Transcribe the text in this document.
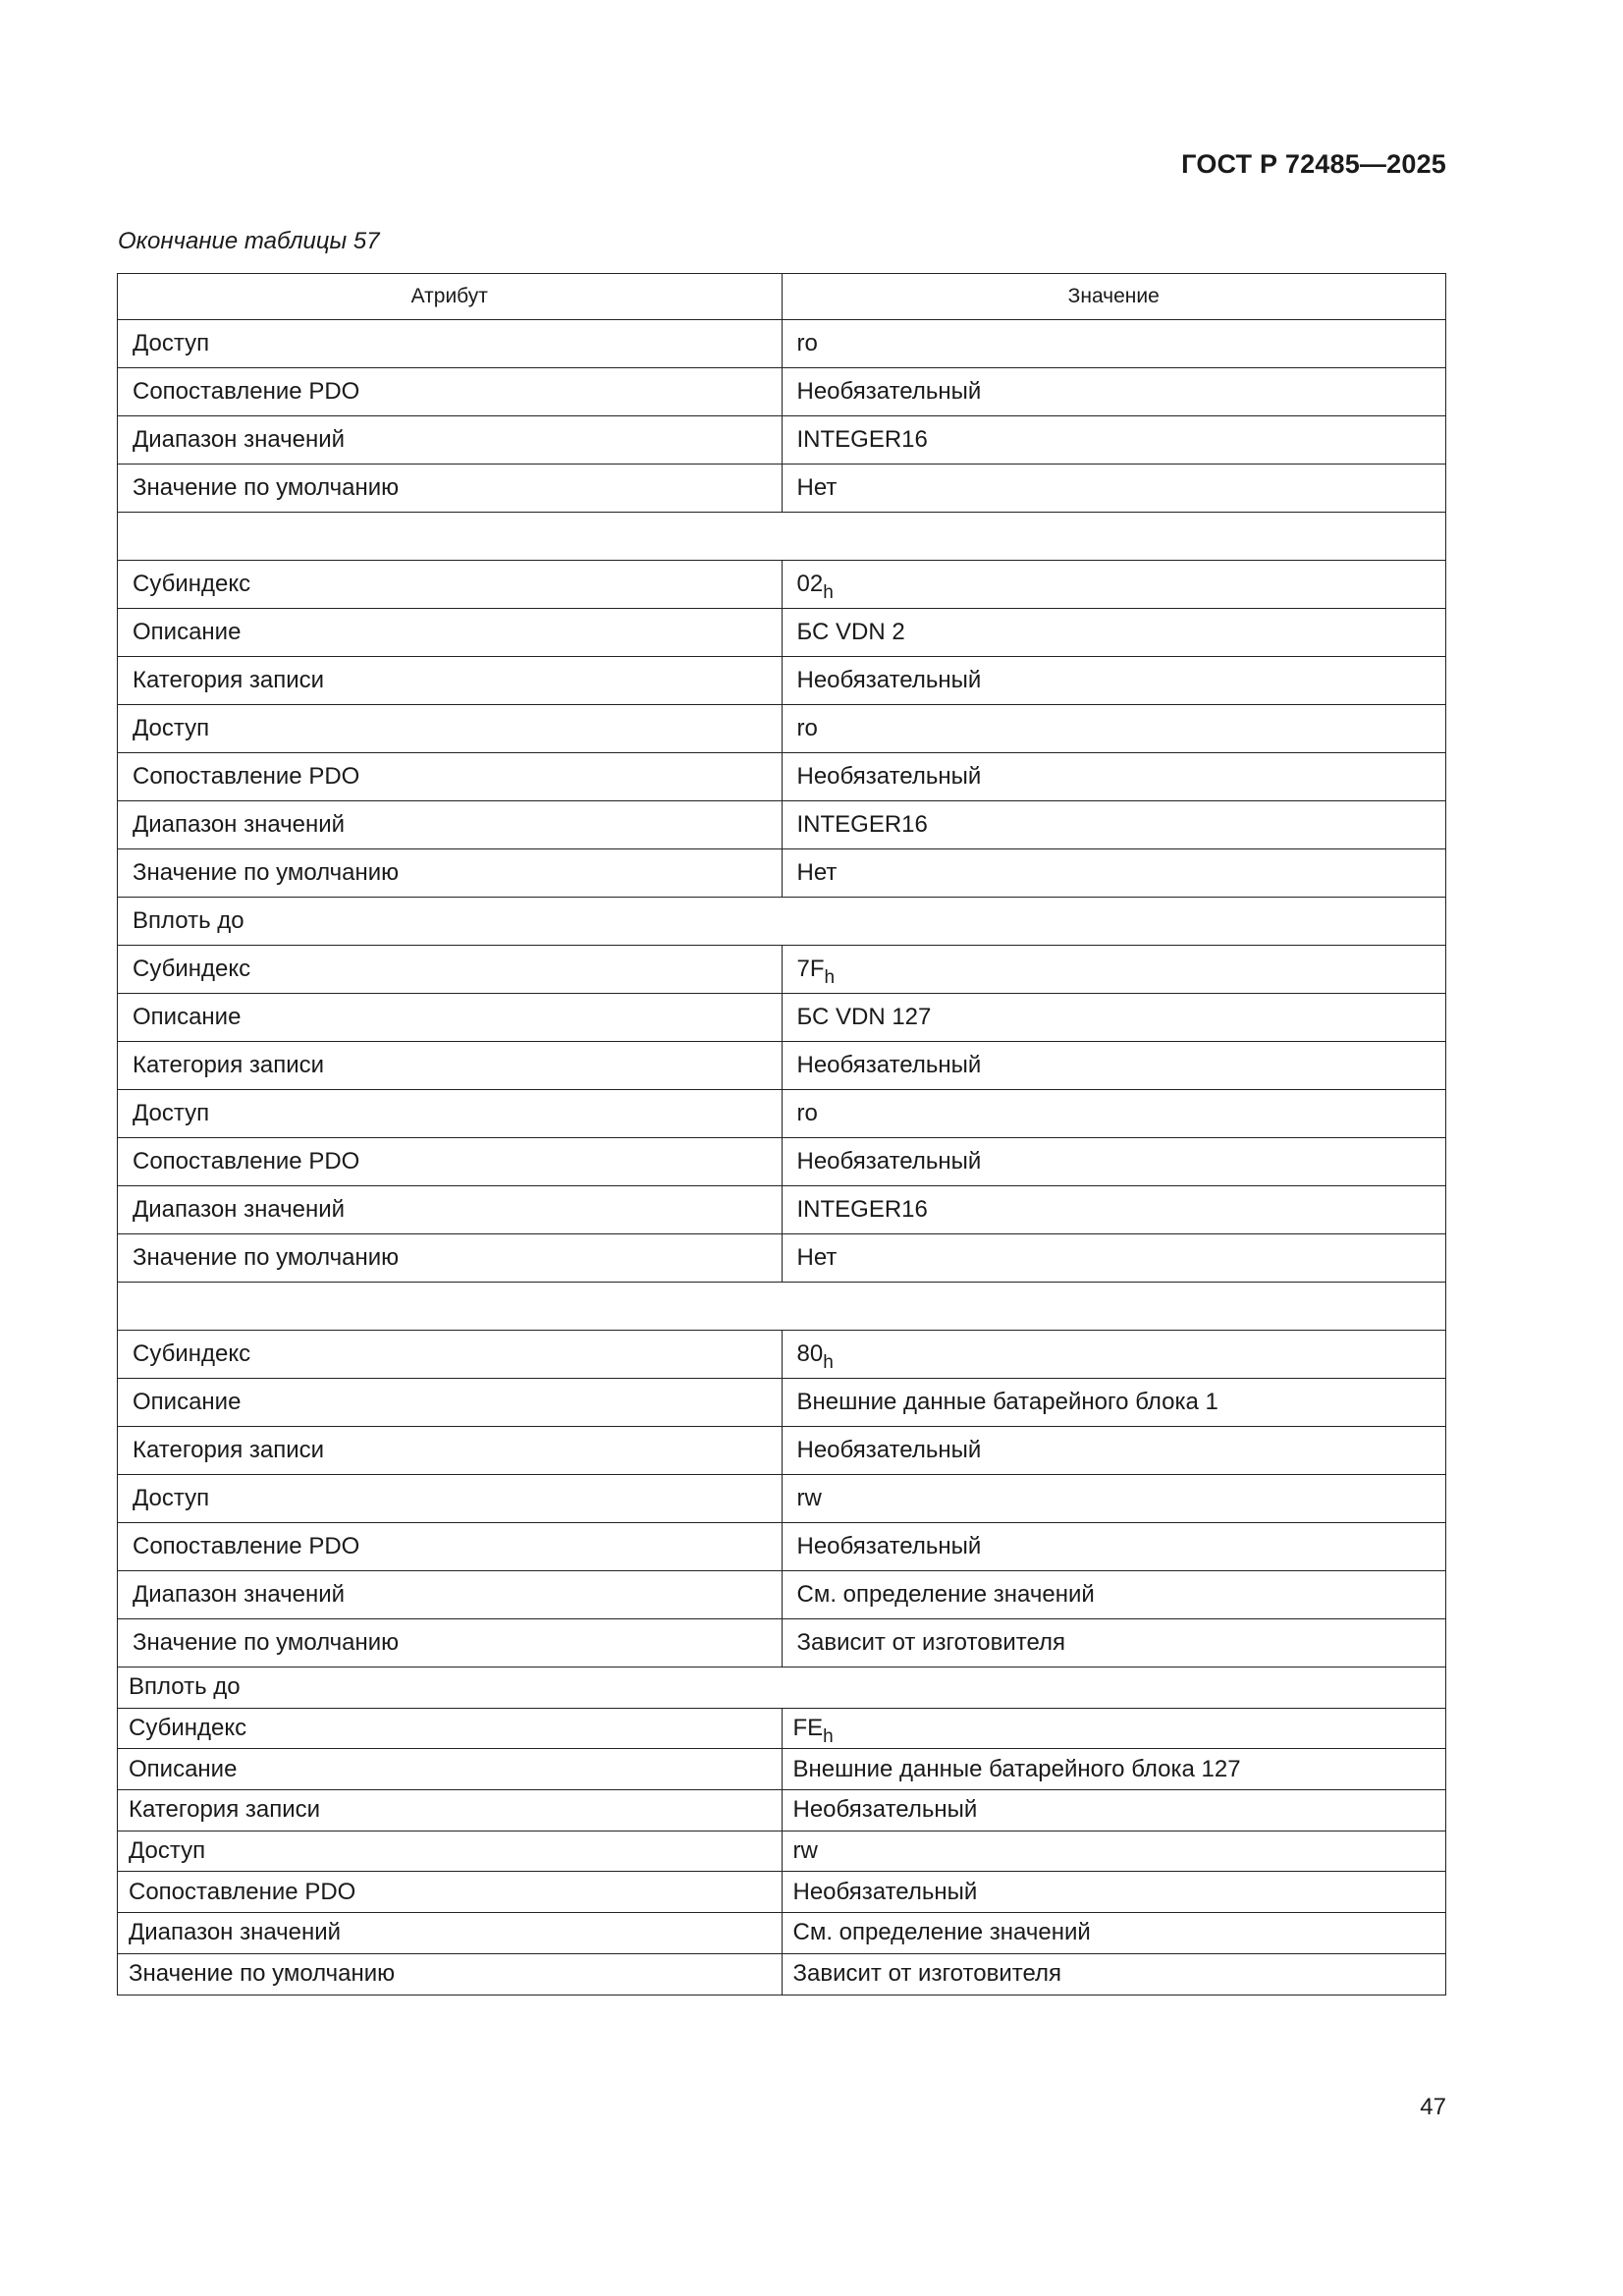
ГОСТ Р 72485—2025
Окончание таблицы 57
Атрибут	Значение
Доступ	ro
Сопоставление PDO	Необязательный
Диапазон значений	INTEGER16
Значение по умолчанию	Нет

Субиндекс	$02_h$
Описание	БС VDN 2
Категория записи	Необязательный
Доступ	ro
Сопоставление PDO	Необязательный
Диапазон значений	INTEGER16
Значение по умолчанию	Нет
Вплоть до	
Субиндекс	$7F_h$
Описание	БС VDN 127
Категория записи	Необязательный
Доступ	ro
Сопоставление PDO	Необязательный
Диапазон значений	INTEGER16
Значение по умолчанию	Нет

Субиндекс	$80_h$
Описание	Внешние данные батарейного блока 1
Категория записи	Необязательный
Доступ	rw
Сопоставление PDO	Необязательный
Диапазон значений	См. определение значений
Значение по умолчанию	Зависит от изготовителя
Вплоть до	
Субиндекс	$FE_h$
Описание	Внешние данные батарейного блока 127
Категория записи	Необязательный
Доступ	rw
Сопоставление PDO	Необязательный
Диапазон значений	См. определение значений
Значение по умолчанию	Зависит от изготовителя
47
